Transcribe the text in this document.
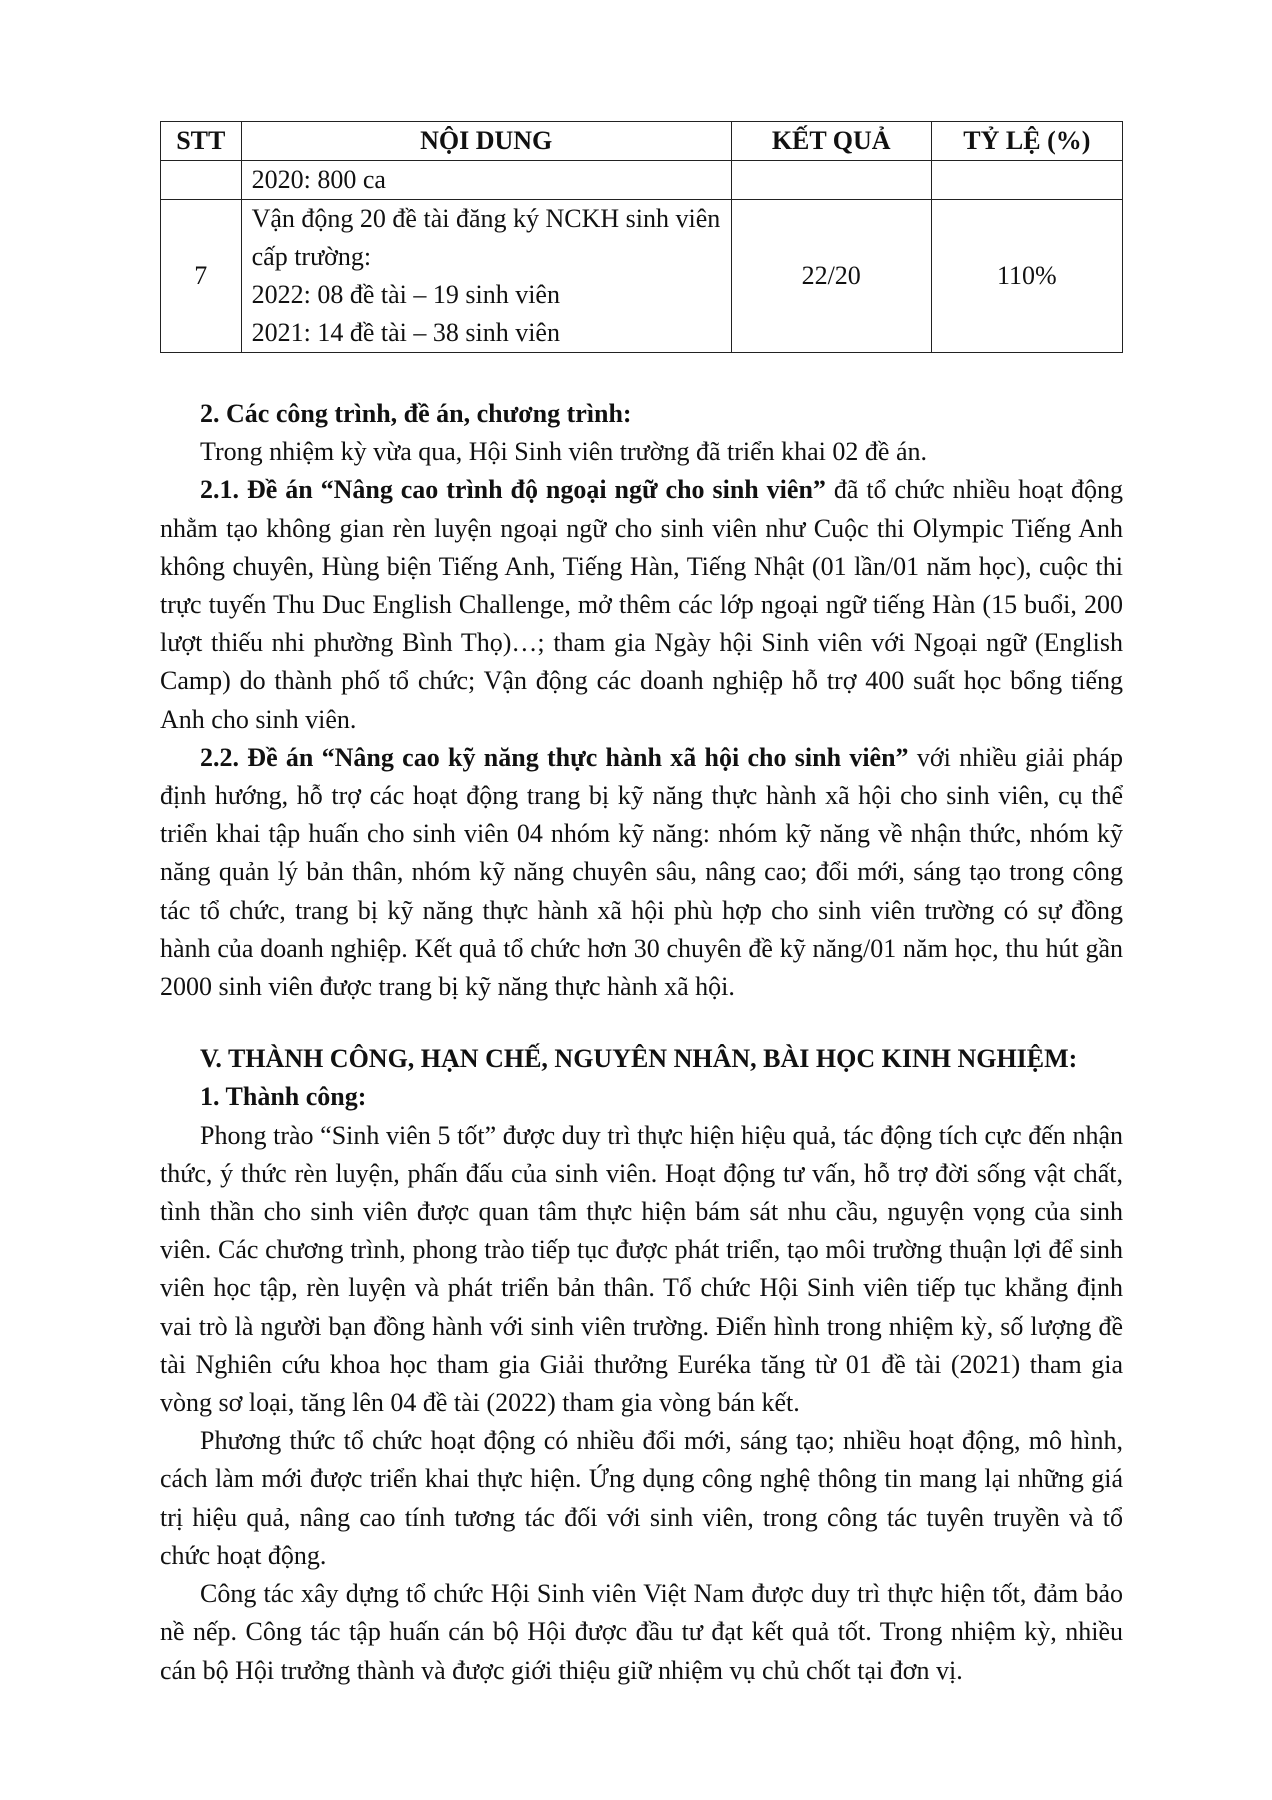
STT	NỘI DUNG	KẾT QUẢ	TỶ LỆ (%)

	2020: 800 ca		

7	Vận động 20 đề tài đăng ký NCKH sinh viên cấp trường:
2022: 08 đề tài – 19 sinh viên
2021: 14 đề tài – 38 sinh viên	22/20	110%

2. Các công trình, đề án, chương trình:

Trong nhiệm kỳ vừa qua, Hội Sinh viên trường đã triển khai 02 đề án.

2.1. Đề án “Nâng cao trình độ ngoại ngữ cho sinh viên” đã tổ chức nhiều hoạt động nhằm tạo không gian rèn luyện ngoại ngữ cho sinh viên như Cuộc thi Olympic Tiếng Anh không chuyên, Hùng biện Tiếng Anh, Tiếng Hàn, Tiếng Nhật (01 lần/01 năm học), cuộc thi trực tuyến Thu Duc English Challenge, mở thêm các lớp ngoại ngữ tiếng Hàn (15 buổi, 200 lượt thiếu nhi phường Bình Thọ)…; tham gia Ngày hội Sinh viên với Ngoại ngữ (English Camp) do thành phố tổ chức; Vận động các doanh nghiệp hỗ trợ 400 suất học bổng tiếng Anh cho sinh viên.

2.2. Đề án “Nâng cao kỹ năng thực hành xã hội cho sinh viên” với nhiều giải pháp định hướng, hỗ trợ các hoạt động trang bị kỹ năng thực hành xã hội cho sinh viên, cụ thể triển khai tập huấn cho sinh viên 04 nhóm kỹ năng: nhóm kỹ năng về nhận thức, nhóm kỹ năng quản lý bản thân, nhóm kỹ năng chuyên sâu, nâng cao; đổi mới, sáng tạo trong công tác tổ chức, trang bị kỹ năng thực hành xã hội phù hợp cho sinh viên trường có sự đồng hành của doanh nghiệp. Kết quả tổ chức hơn 30 chuyên đề kỹ năng/01 năm học, thu hút gần 2000 sinh viên được trang bị kỹ năng thực hành xã hội.

V. THÀNH CÔNG, HẠN CHẾ, NGUYÊN NHÂN, BÀI HỌC KINH NGHIỆM:

1. Thành công:

Phong trào “Sinh viên 5 tốt” được duy trì thực hiện hiệu quả, tác động tích cực đến nhận thức, ý thức rèn luyện, phấn đấu của sinh viên. Hoạt động tư vấn, hỗ trợ đời sống vật chất, tình thần cho sinh viên được quan tâm thực hiện bám sát nhu cầu, nguyện vọng của sinh viên. Các chương trình, phong trào tiếp tục được phát triển, tạo môi trường thuận lợi để sinh viên học tập, rèn luyện và phát triển bản thân. Tổ chức Hội Sinh viên tiếp tục khẳng định vai trò là người bạn đồng hành với sinh viên trường. Điển hình trong nhiệm kỳ, số lượng đề tài Nghiên cứu khoa học tham gia Giải thưởng Euréka tăng từ 01 đề tài (2021) tham gia vòng sơ loại, tăng lên 04 đề tài (2022) tham gia vòng bán kết.

Phương thức tổ chức hoạt động có nhiều đổi mới, sáng tạo; nhiều hoạt động, mô hình, cách làm mới được triển khai thực hiện. Ứng dụng công nghệ thông tin mang lại những giá trị hiệu quả, nâng cao tính tương tác đối với sinh viên, trong công tác tuyên truyền và tổ chức hoạt động.

Công tác xây dựng tổ chức Hội Sinh viên Việt Nam được duy trì thực hiện tốt, đảm bảo nề nếp. Công tác tập huấn cán bộ Hội được đầu tư đạt kết quả tốt. Trong nhiệm kỳ, nhiều cán bộ Hội trưởng thành và được giới thiệu giữ nhiệm vụ chủ chốt tại đơn vị.
